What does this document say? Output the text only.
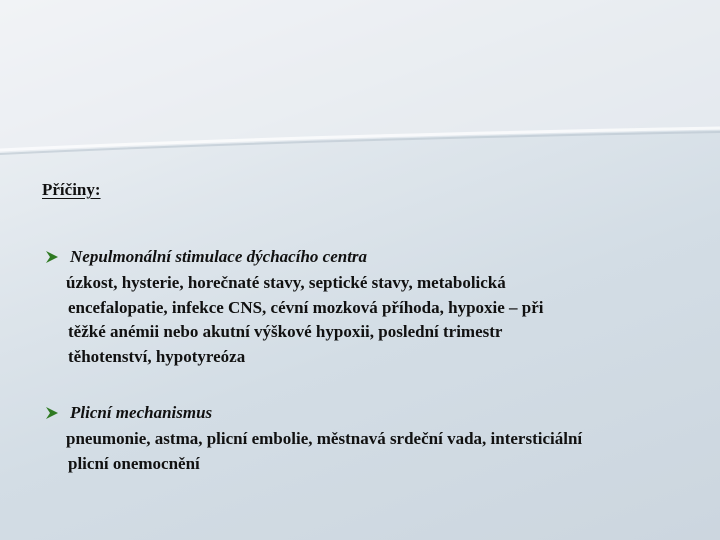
Příčiny:
Nepulmonální stimulace dýchacího centra
úzkost, hysterie, horečnaté stavy, septické stavy, metabolická
encefalopatie, infekce CNS, cévní mozková příhoda, hypoxie – při
těžké anémii nebo akutní výškové hypoxii, poslední trimestr
těhotenství, hypotyreóza
Plicní mechanismus
pneumonie, astma, plicní embolie, městnavá srdeční vada, intersticiální
plicní onemocnění
